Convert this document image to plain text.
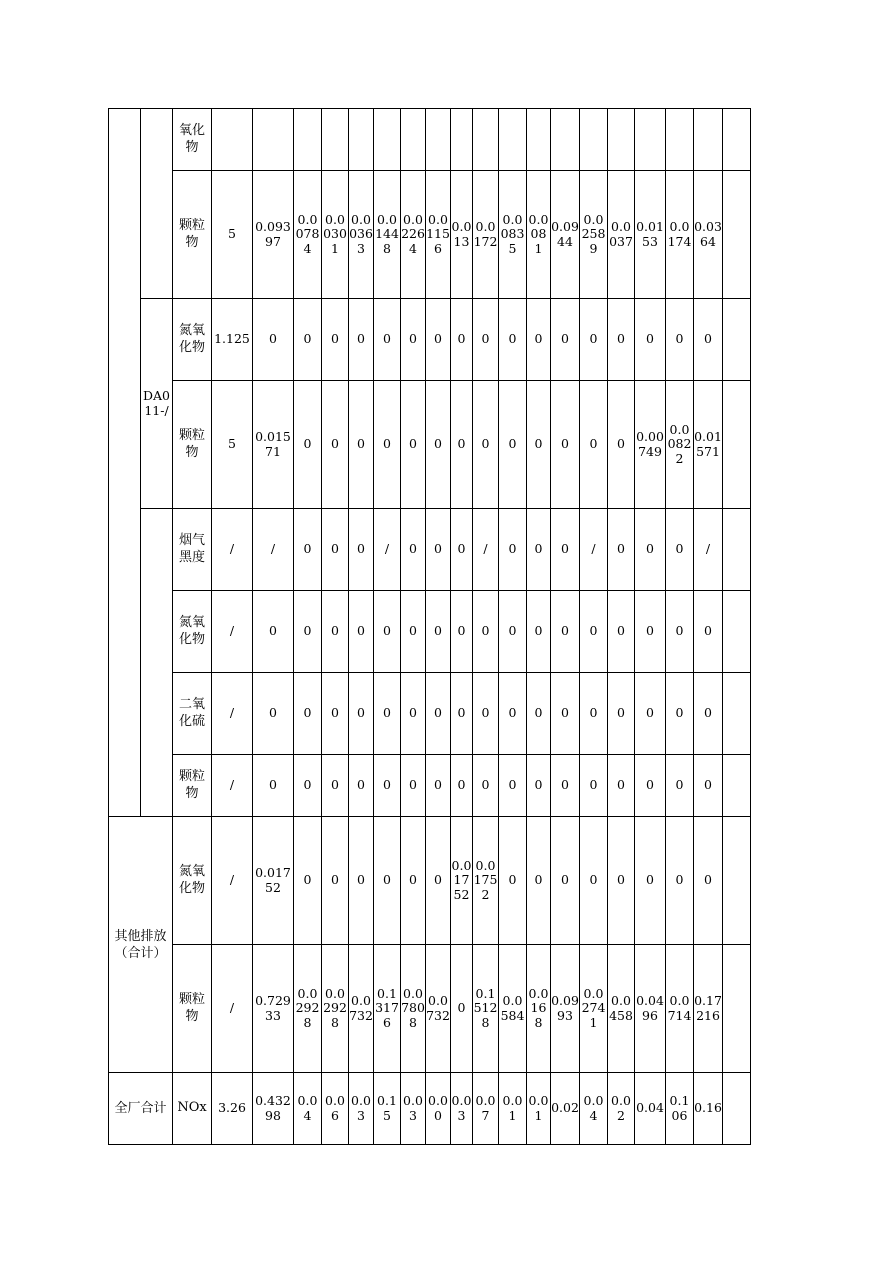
		氧化物																			
		颗粒物	5	0.09397	0.00784	0.00301	0.00363	0.01448	0.02264	0.01156	0.013	0.0172	0.00835	0.0081	0.0944	0.02589	0.0037	0.0153	0.0174	0.0364	
	DA011-/	氮氧化物	1.125	0	0	0	0	0	0	0	0	0	0	0	0	0	0	0	0	0	
		颗粒物	5	0.01571	0	0	0	0	0	0	0	0	0	0	0	0	0	0.00749	0.00822	0.01571	
		烟气黑度	/	/	0	0	0	/	0	0	0	/	0	0	0	/	0	0	0	/	
		氮氧化物	/	0	0	0	0	0	0	0	0	0	0	0	0	0	0	0	0	0	
		二氧化硫	/	0	0	0	0	0	0	0	0	0	0	0	0	0	0	0	0	0	
		颗粒物	/	0	0	0	0	0	0	0	0	0	0	0	0	0	0	0	0	0	
其他排放（合计）		氮氧化物	/	0.01752	0	0	0	0	0	0	0.01752	0.01752	0	0	0	0	0	0	0	0	
		颗粒物	/	0.72933	0.02928	0.02928	0.0732	0.13176	0.07808	0.0732	0	0.15128	0.0584	0.0168	0.0993	0.02741	0.0458	0.0496	0.0714	0.17216	
全厂合计		NOx	3.26	0.43298	0.04	0.06	0.03	0.15	0.03	0.00	0.03	0.07	0.01	0.01	0.02	0.04	0.02	0.04	0.106	0.16	
